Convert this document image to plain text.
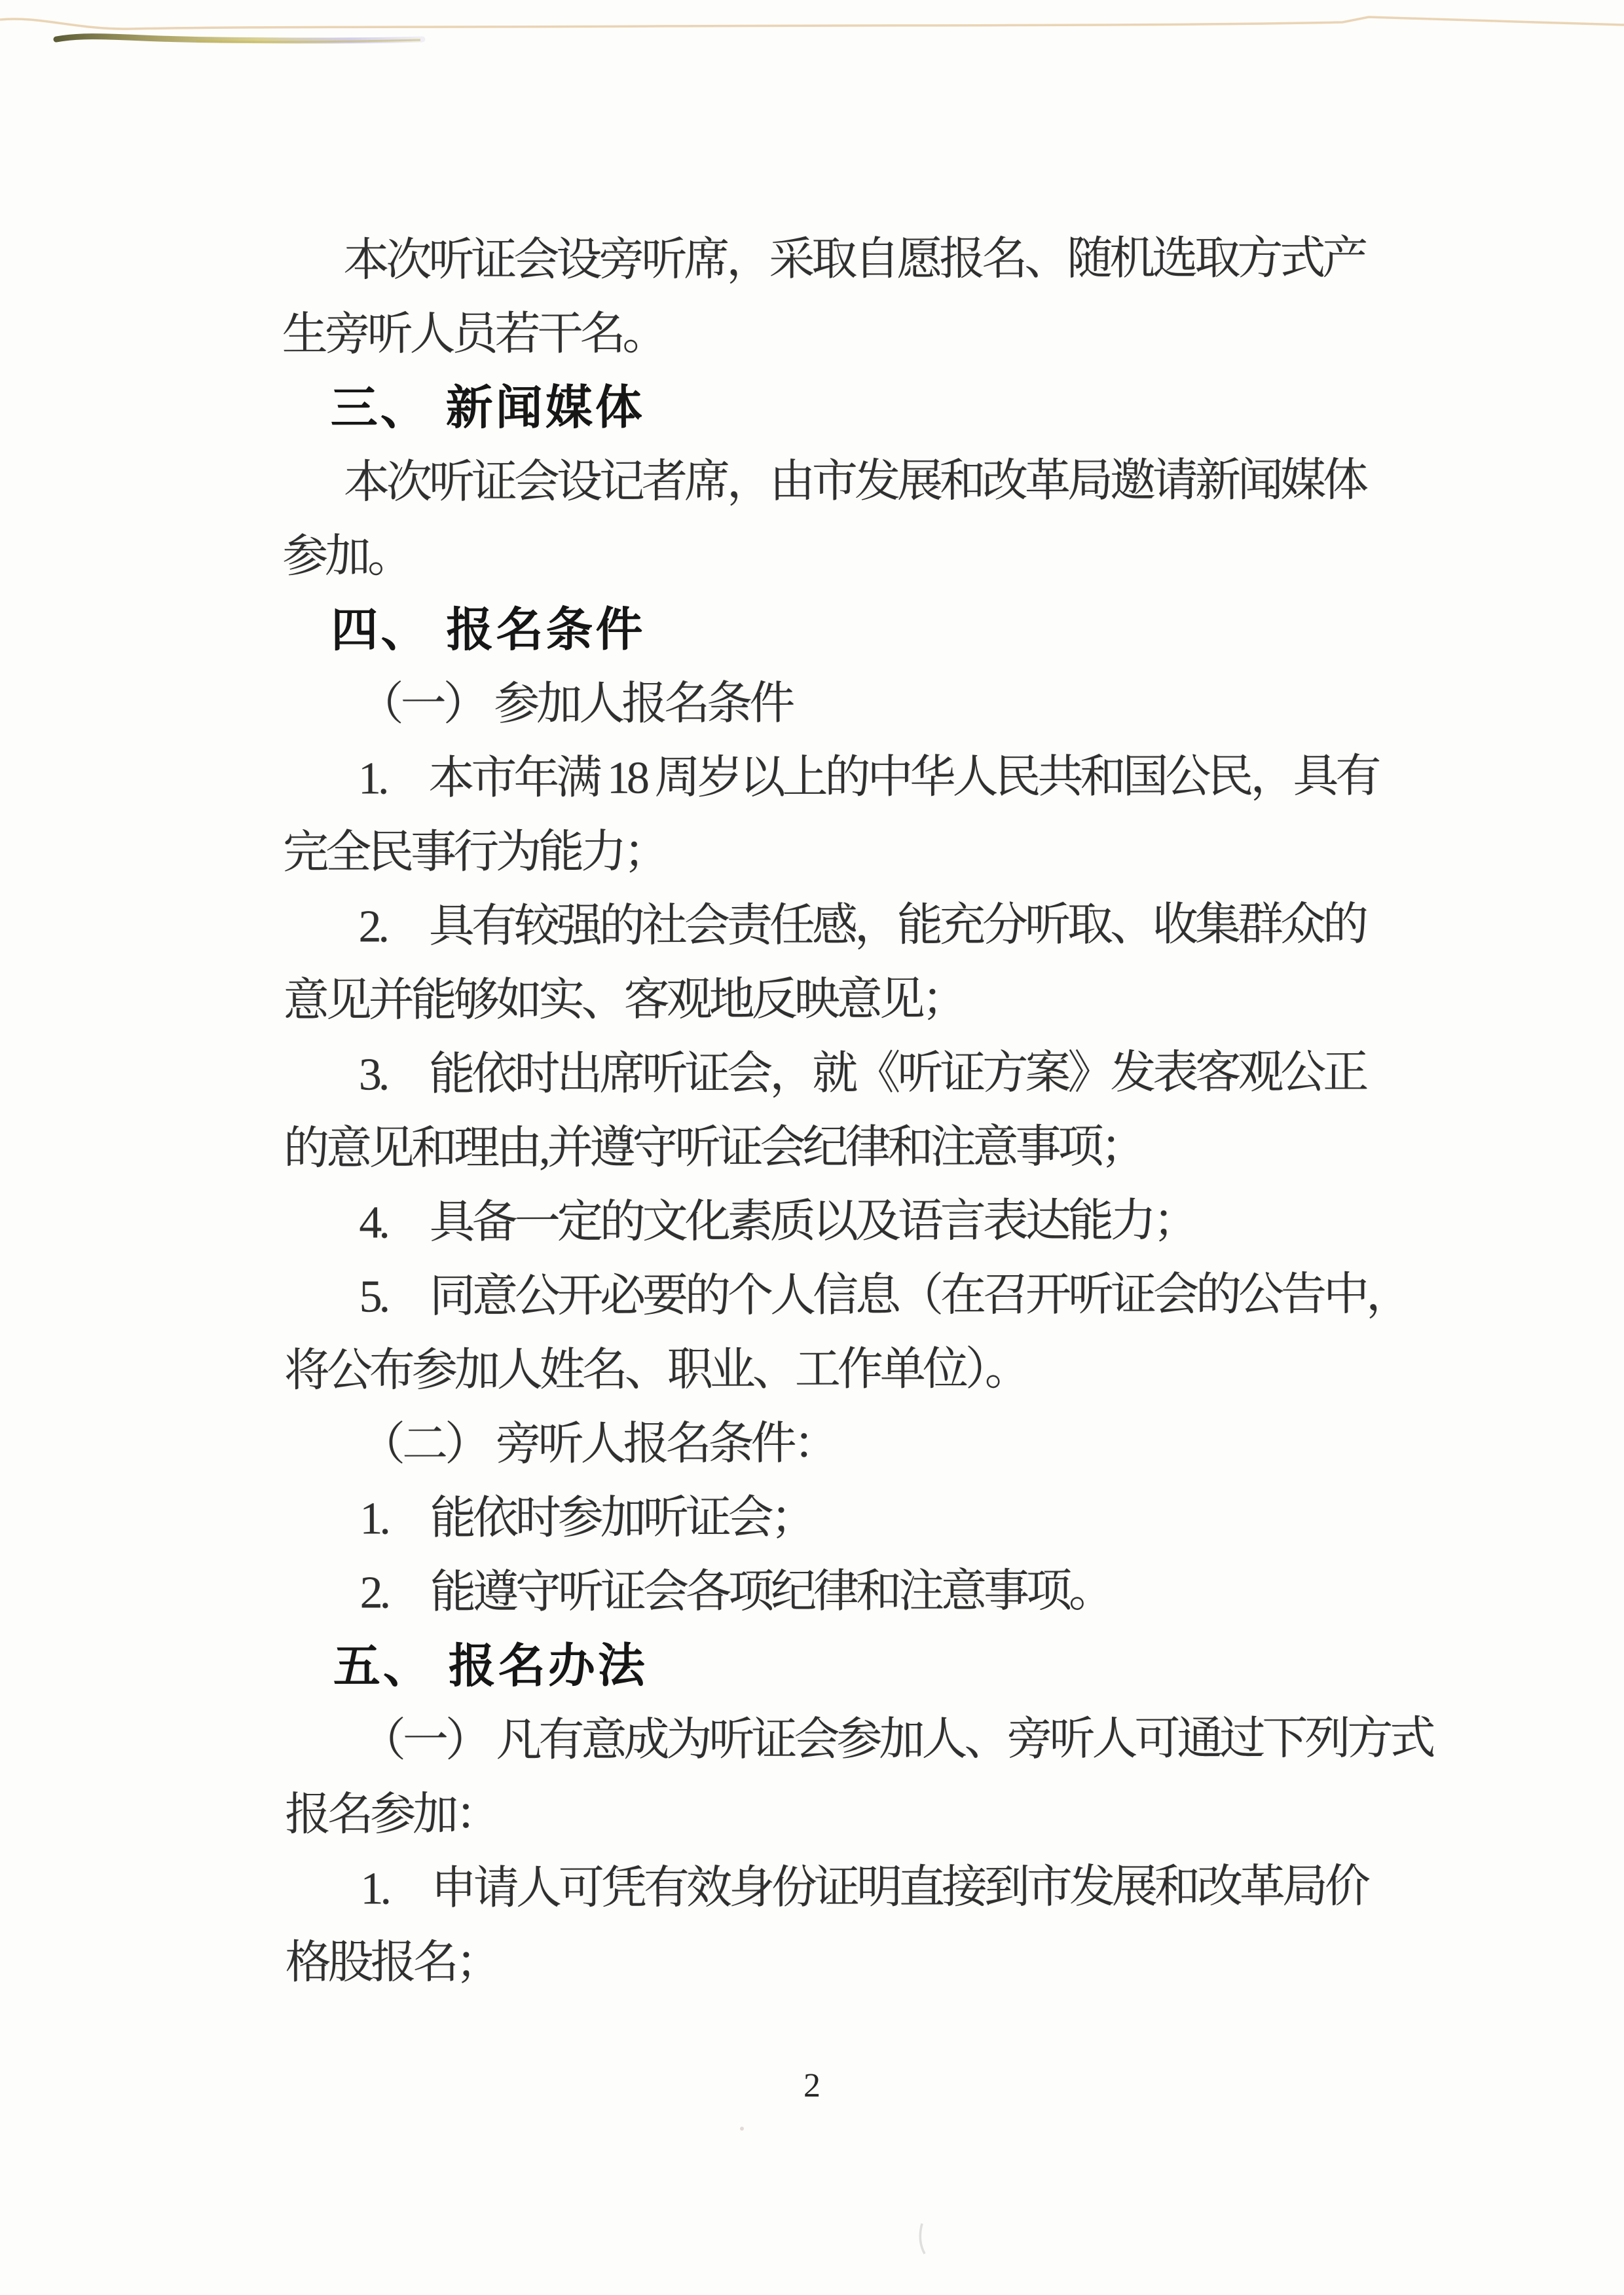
本次听证会设旁听席，采取自愿报名、随机选取方式产
生旁听人员若干名。
三、 新闻媒体
本次听证会设记者席，由市发展和改革局邀请新闻媒体
参加。
四、 报名条件
（一） 参加人报名条件
1.　本市年满 18 周岁以上的中华人民共和国公民，具有
完全民事行为能力；
2.　具有较强的社会责任感，能充分听取、收集群众的
意见并能够如实、客观地反映意见；
3.　能依时出席听证会，就《听证方案》发表客观公正
的意见和理由,并遵守听证会纪律和注意事项；
4.　具备一定的文化素质以及语言表达能力；
5.　同意公开必要的个人信息（在召开听证会的公告中，
将公布参加人姓名、职业、工作单位）。
（二） 旁听人报名条件：
1.　能依时参加听证会；
2.　能遵守听证会各项纪律和注意事项。
五、 报名办法
（一） 凡有意成为听证会参加人、旁听人可通过下列方式
报名参加：
1.　申请人可凭有效身份证明直接到市发展和改革局价
格股报名；
2
